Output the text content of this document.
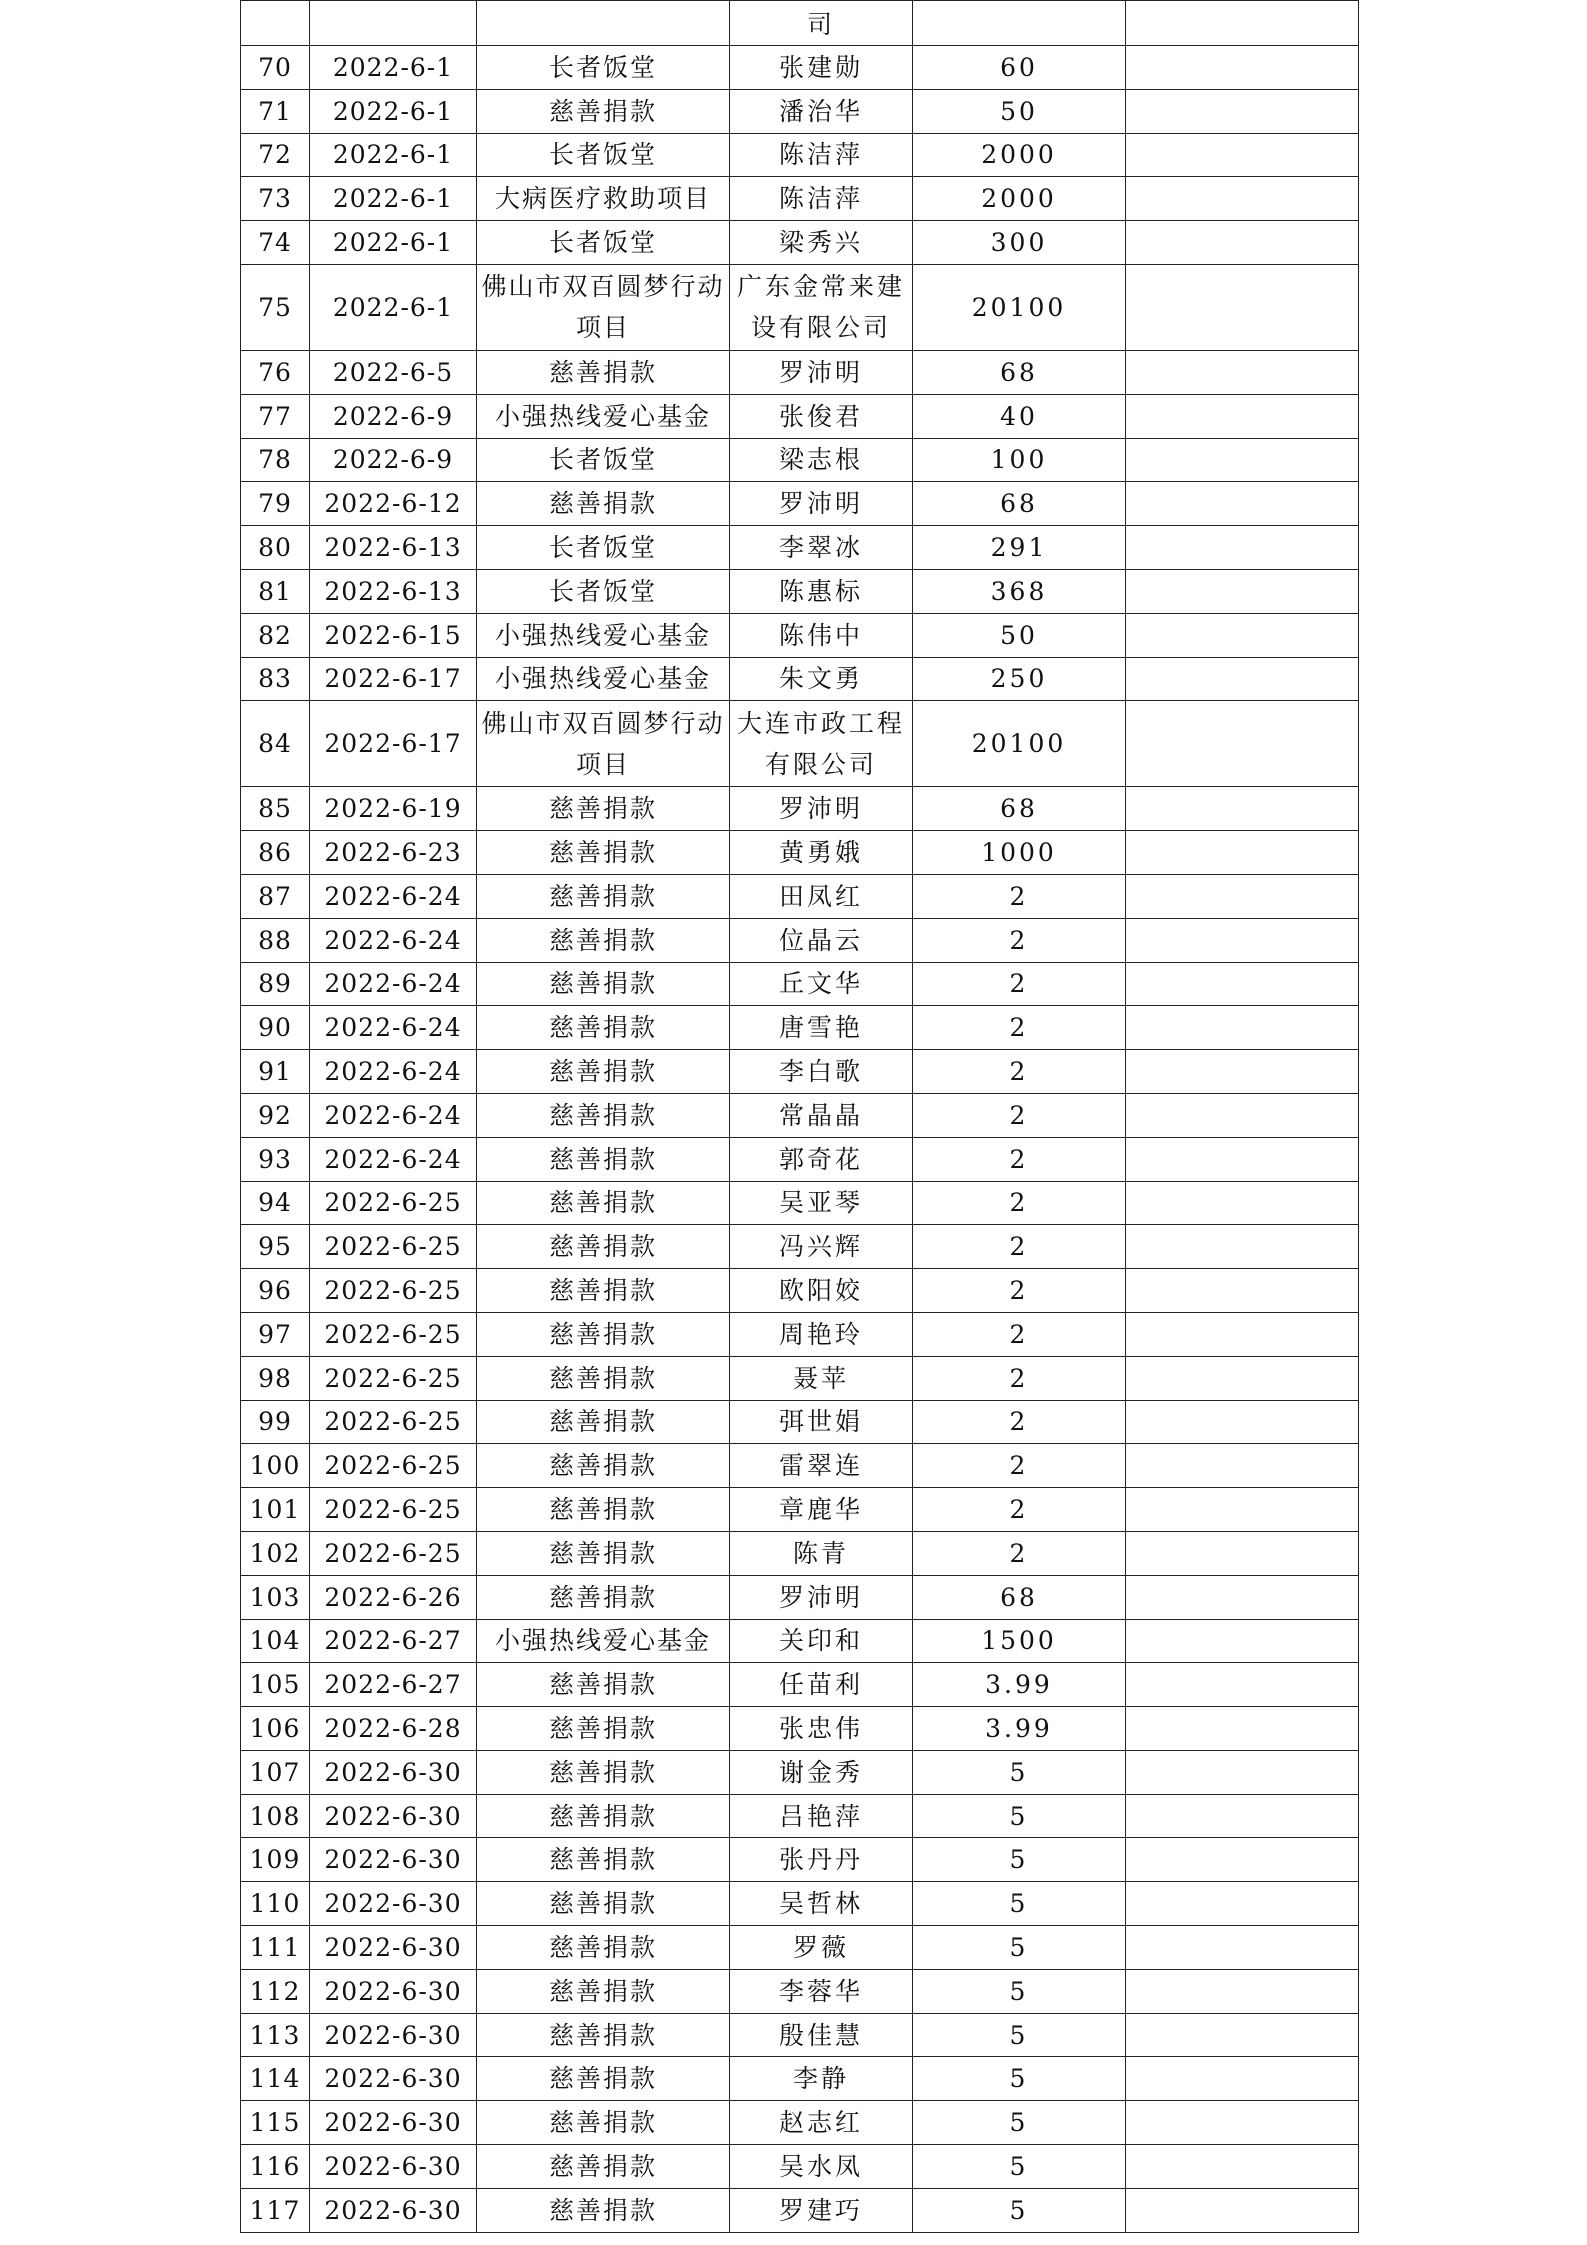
			司		
70	2022-6-1	长者饭堂	张建勋	60	
71	2022-6-1	慈善捐款	潘治华	50	
72	2022-6-1	长者饭堂	陈洁萍	2000	
73	2022-6-1	大病医疗救助项目	陈洁萍	2000	
74	2022-6-1	长者饭堂	梁秀兴	300	
75	2022-6-1	佛山市双百圆梦行动项目	广东金常来建设有限公司	20100	
76	2022-6-5	慈善捐款	罗沛明	68	
77	2022-6-9	小强热线爱心基金	张俊君	40	
78	2022-6-9	长者饭堂	梁志根	100	
79	2022-6-12	慈善捐款	罗沛明	68	
80	2022-6-13	长者饭堂	李翠冰	291	
81	2022-6-13	长者饭堂	陈惠标	368	
82	2022-6-15	小强热线爱心基金	陈伟中	50	
83	2022-6-17	小强热线爱心基金	朱文勇	250	
84	2022-6-17	佛山市双百圆梦行动项目	大连市政工程有限公司	20100	
85	2022-6-19	慈善捐款	罗沛明	68	
86	2022-6-23	慈善捐款	黄勇娥	1000	
87	2022-6-24	慈善捐款	田凤红	2	
88	2022-6-24	慈善捐款	位晶云	2	
89	2022-6-24	慈善捐款	丘文华	2	
90	2022-6-24	慈善捐款	唐雪艳	2	
91	2022-6-24	慈善捐款	李白歌	2	
92	2022-6-24	慈善捐款	常晶晶	2	
93	2022-6-24	慈善捐款	郭奇花	2	
94	2022-6-25	慈善捐款	吴亚琴	2	
95	2022-6-25	慈善捐款	冯兴辉	2	
96	2022-6-25	慈善捐款	欧阳姣	2	
97	2022-6-25	慈善捐款	周艳玲	2	
98	2022-6-25	慈善捐款	聂苹	2	
99	2022-6-25	慈善捐款	弭世娟	2	
100	2022-6-25	慈善捐款	雷翠连	2	
101	2022-6-25	慈善捐款	章鹿华	2	
102	2022-6-25	慈善捐款	陈青	2	
103	2022-6-26	慈善捐款	罗沛明	68	
104	2022-6-27	小强热线爱心基金	关印和	1500	
105	2022-6-27	慈善捐款	任苗利	3.99	
106	2022-6-28	慈善捐款	张忠伟	3.99	
107	2022-6-30	慈善捐款	谢金秀	5	
108	2022-6-30	慈善捐款	吕艳萍	5	
109	2022-6-30	慈善捐款	张丹丹	5	
110	2022-6-30	慈善捐款	吴哲林	5	
111	2022-6-30	慈善捐款	罗薇	5	
112	2022-6-30	慈善捐款	李蓉华	5	
113	2022-6-30	慈善捐款	殷佳慧	5	
114	2022-6-30	慈善捐款	李静	5	
115	2022-6-30	慈善捐款	赵志红	5	
116	2022-6-30	慈善捐款	吴水凤	5	
117	2022-6-30	慈善捐款	罗建巧	5	
